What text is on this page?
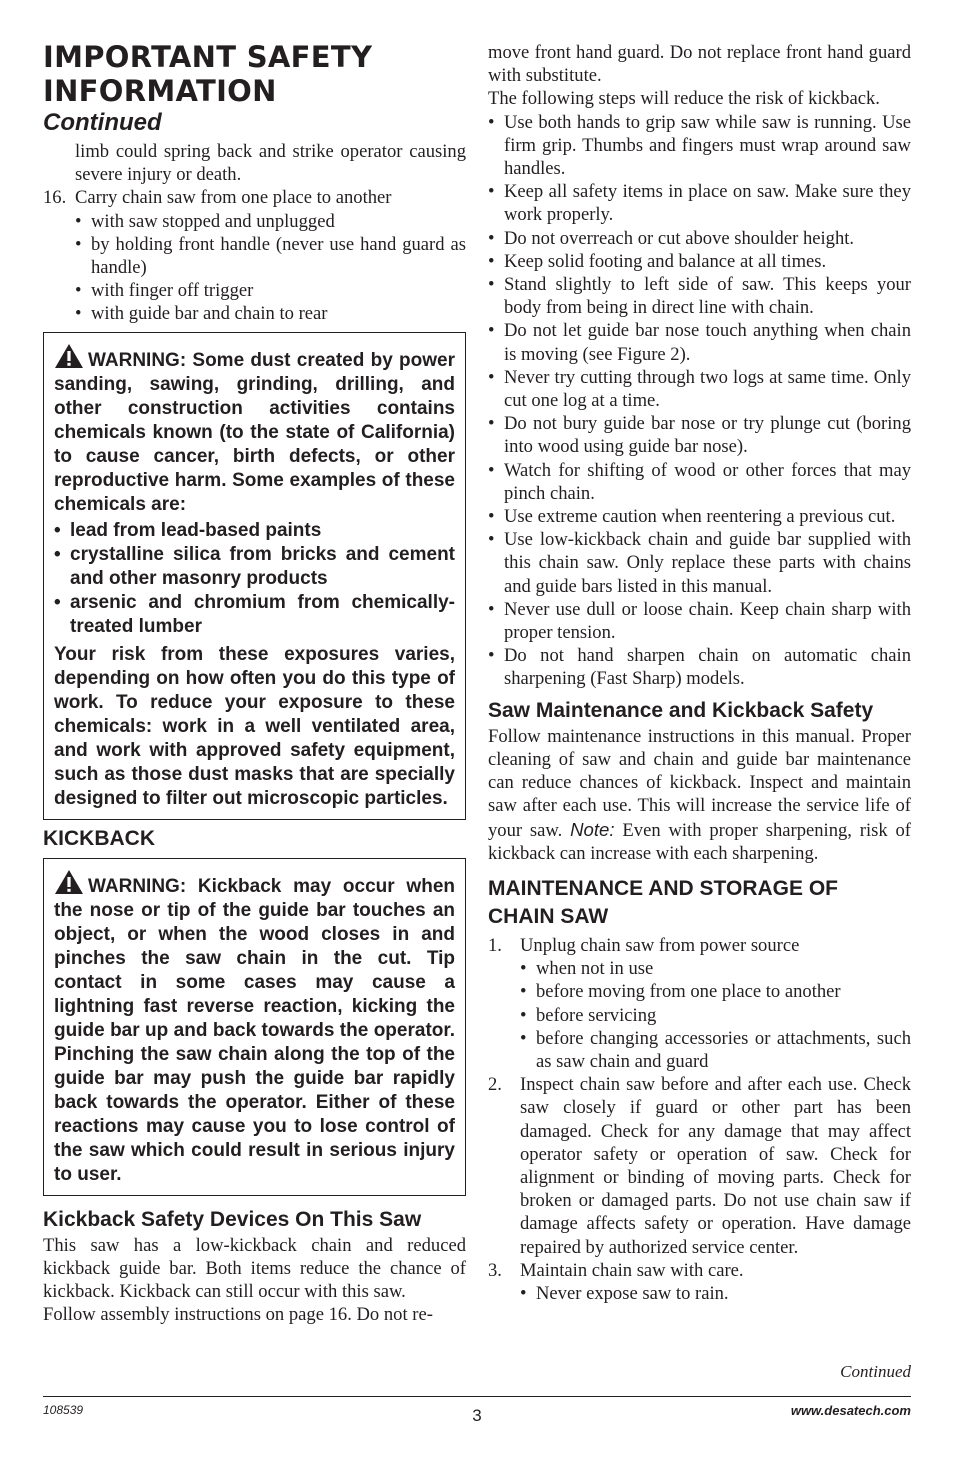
IMPORTANT SAFETY
INFORMATION
Continued

limb could spring back and strike operator causing severe injury or death.

16. Carry chain saw from one place to another
• with saw stopped and unplugged
• by holding front handle (never use hand guard as handle)
• with finger off trigger
• with guide bar and chain to rear

WARNING: Some dust created by power sanding, sawing, grinding, drilling, and other construction activities contains chemicals known (to the state of California) to cause cancer, birth defects, or other reproductive harm. Some examples of these chemicals are:

• lead from lead-based paints
• crystalline silica from bricks and cement and other masonry products
• arsenic and chromium from chemically-treated lumber

Your risk from these exposures varies, depending on how often you do this type of work. To reduce your exposure to these chemicals: work in a well ventilated area, and work with approved safety equipment, such as those dust masks that are specially designed to filter out microscopic particles.

KICKBACK

WARNING: Kickback may occur when the nose or tip of the guide bar touches an object, or when the wood closes in and pinches the saw chain in the cut. Tip contact in some cases may cause a lightning fast reverse reaction, kicking the guide bar up and back towards the operator. Pinching the saw chain along the top of the guide bar may push the guide bar rapidly back towards the operator. Either of these reactions may cause you to lose control of the saw which could result in serious injury to user.

Kickback Safety Devices On This Saw

This saw has a low-kickback chain and reduced kickback guide bar. Both items reduce the chance of kickback. Kickback can still occur with this saw.

Follow assembly instructions on page 16. Do not re-

move front hand guard. Do not replace front hand guard with substitute.

The following steps will reduce the risk of kickback.

• Use both hands to grip saw while saw is running. Use firm grip. Thumbs and fingers must wrap around saw handles.
• Keep all safety items in place on saw. Make sure they work properly.
• Do not overreach or cut above shoulder height.
• Keep solid footing and balance at all times.
• Stand slightly to left side of saw. This keeps your body from being in direct line with chain.
• Do not let guide bar nose touch anything when chain is moving (see Figure 2).
• Never try cutting through two logs at same time. Only cut one log at a time.
• Do not bury guide bar nose or try plunge cut (boring into wood using guide bar nose).
• Watch for shifting of wood or other forces that may pinch chain.
• Use extreme caution when reentering a previous cut.
• Use low-kickback chain and guide bar supplied with this chain saw. Only replace these parts with chains and guide bars listed in this manual.
• Never use dull or loose chain. Keep chain sharp with proper tension.
• Do not hand sharpen chain on automatic chain sharpening (Fast Sharp) models.
Saw Maintenance and Kickback Safety

Follow maintenance instructions in this manual. Proper cleaning of saw and chain and guide bar maintenance can reduce chances of kickback. Inspect and maintain saw after each use. This will increase the service life of your saw. Note: Even with proper sharpening, risk of kickback can increase with each sharpening.

MAINTENANCE AND STORAGE OF
CHAIN SAW
1. Unplug chain saw from power source
• when not in use
• before moving from one place to another
• before servicing
• before changing accessories or attachments, such as saw chain and guard
2. Inspect chain saw before and after each use. Check saw closely if guard or other part has been damaged. Check for any damage that may affect operator safety or operation of saw. Check for alignment or binding of moving parts. Check for broken or damaged parts. Do not use chain saw if damage affects safety or operation. Have damage repaired by authorized service center.
3. Maintain chain saw with care.
• Never expose saw to rain.
Continued
108539	3	www.desatech.com
